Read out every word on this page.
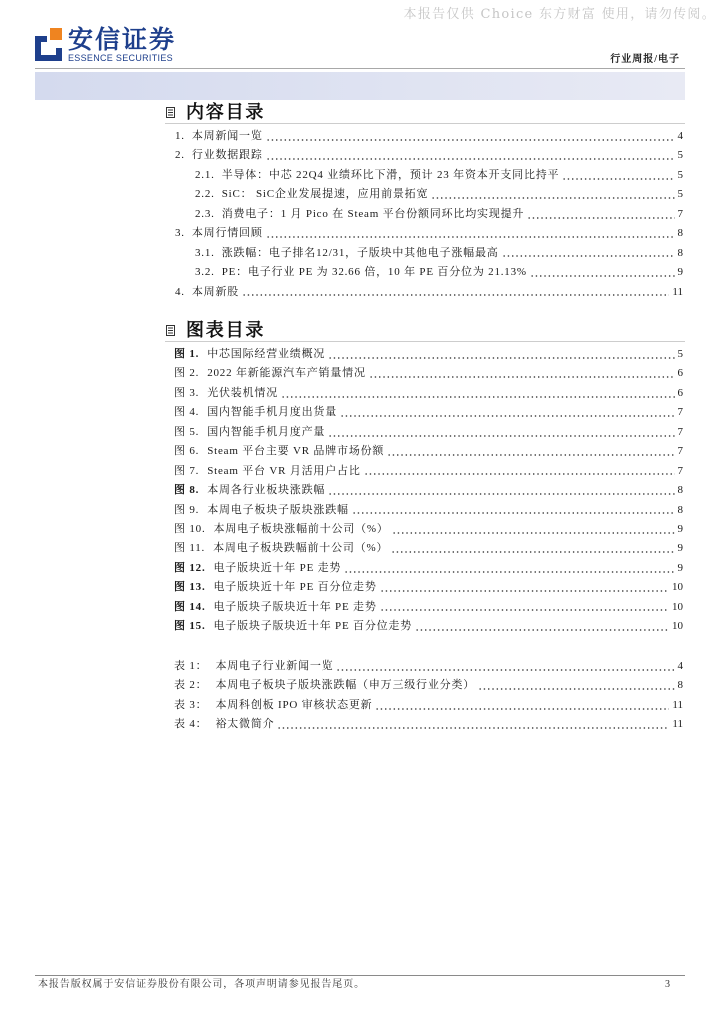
本报告仅供 Choice 东方财富 使用，请勿传阅。
安信证券
ESSENCE SECURITIES	行业周报/电子
内容目录
1. 本周新闻一览	4
2. 行业数据跟踪	5
2.1. 半导体：中芯 22Q4 业绩环比下滑，预计 23 年资本开支同比持平	5
2.2. SiC： SiC企业发展提速，应用前景拓宽	5
2.3. 消费电子：1 月 Pico 在 Steam 平台份额同环比均实现提升	7
3. 本周行情回顾	8
3.1. 涨跌幅：电子排名12/31，子版块中其他电子涨幅最高	8
3.2. PE：电子行业 PE 为 32.66 倍，10 年 PE 百分位为 21.13%	9
4. 本周新股	11
图表目录
图 1. 中芯国际经营业绩概况	5
图 2. 2022 年新能源汽车产销量情况	6
图 3. 光伏装机情况	6
图 4. 国内智能手机月度出货量	7
图 5. 国内智能手机月度产量	7
图 6. Steam 平台主要 VR 品牌市场份额	7
图 7. Steam 平台 VR 月活用户占比	7
图 8. 本周各行业板块涨跌幅	8
图 9. 本周电子板块子版块涨跌幅	8
图 10. 本周电子板块涨幅前十公司（%）	9
图 11. 本周电子板块跌幅前十公司（%）	9
图 12. 电子版块近十年 PE 走势	9
图 13. 电子版块近十年 PE 百分位走势	10
图 14. 电子版块子版块近十年 PE 走势	10
图 15. 电子版块子版块近十年 PE 百分位走势	10
表 1： 本周电子行业新闻一览	4
表 2： 本周电子板块子版块涨跌幅（申万三级行业分类）	8
表 3： 本周科创板 IPO 审核状态更新	11
表 4： 裕太微简介	11
本报告版权属于安信证券股份有限公司，各项声明请参见报告尾页。	3
